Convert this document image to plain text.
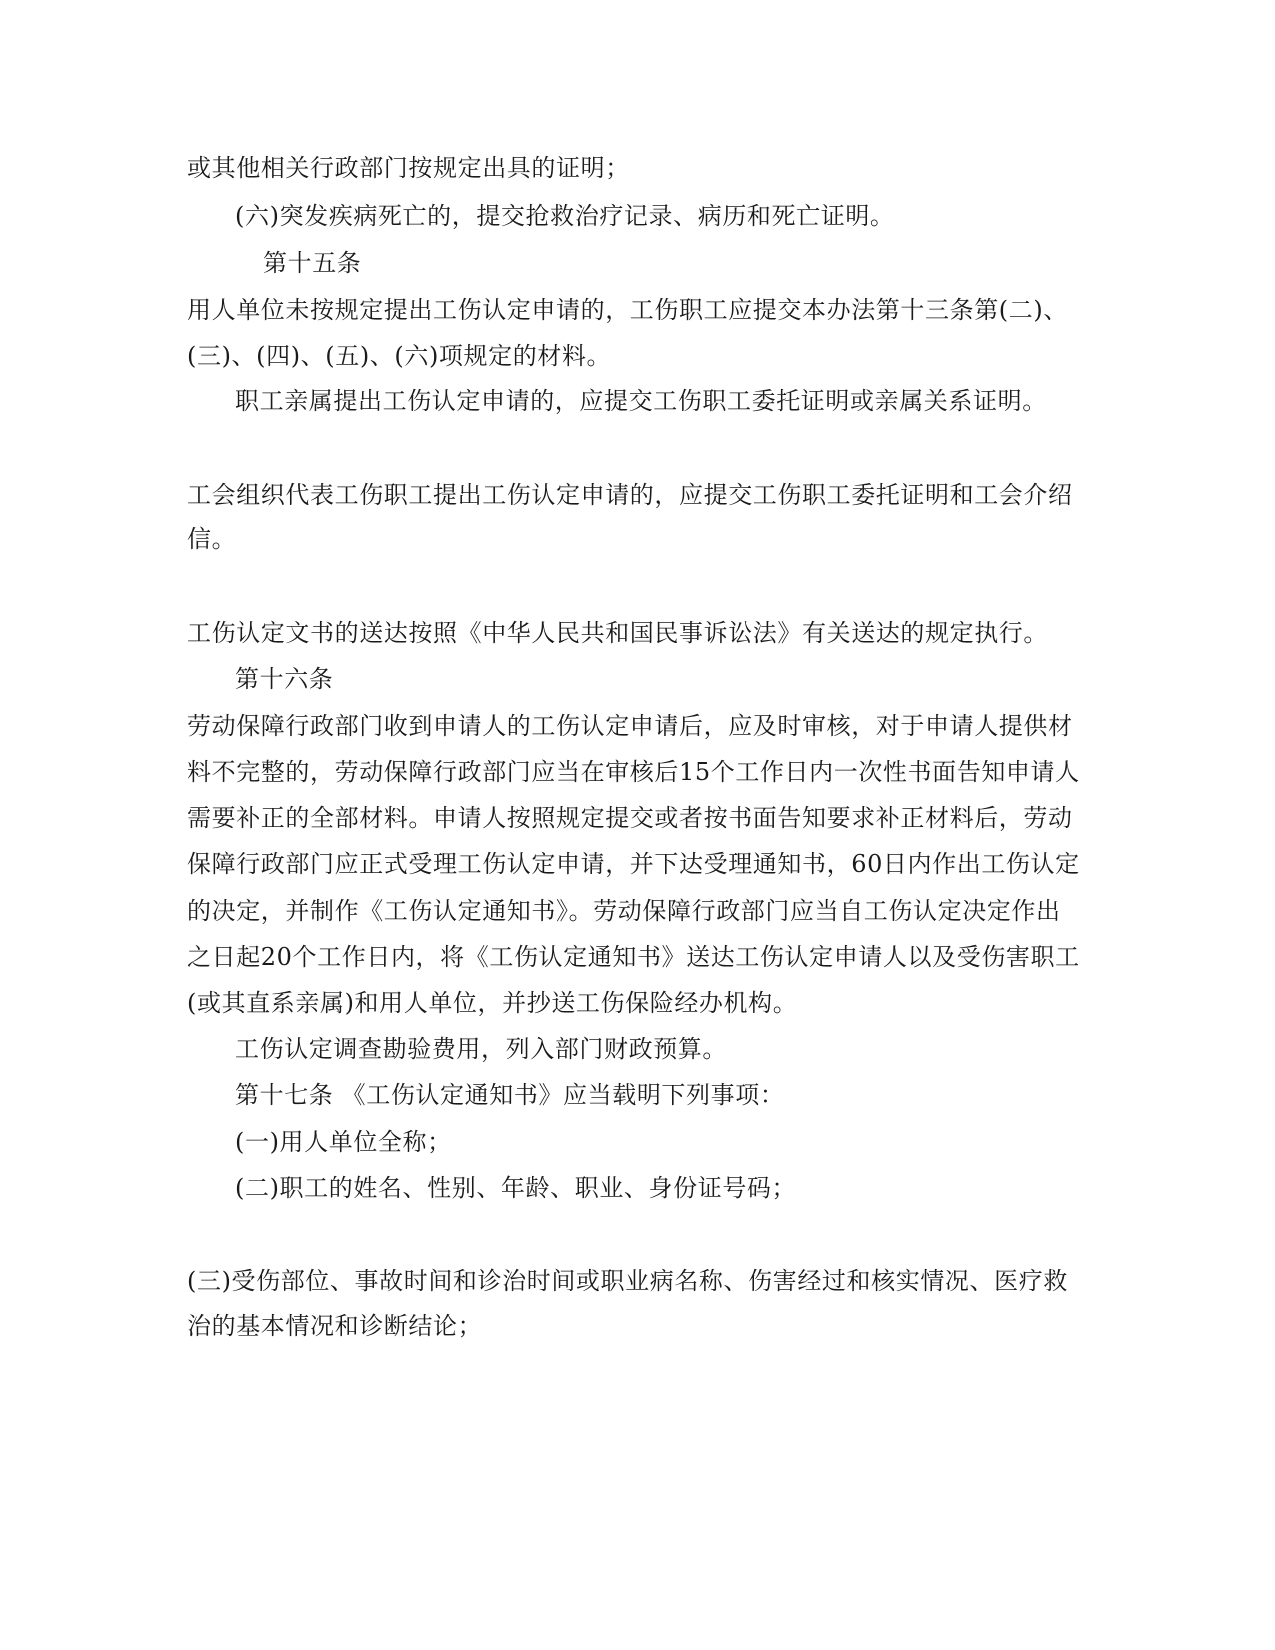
或其他相关行政部门按规定出具的证明；
(六)突发疾病死亡的，提交抢救治疗记录、病历和死亡证明。
第十五条
用人单位未按规定提出工伤认定申请的，工伤职工应提交本办法第十三条第(二)、
(三)、(四)、(五)、(六)项规定的材料。
职工亲属提出工伤认定申请的，应提交工伤职工委托证明或亲属关系证明。
工会组织代表工伤职工提出工伤认定申请的，应提交工伤职工委托证明和工会介绍
信。
工伤认定文书的送达按照《中华人民共和国民事诉讼法》有关送达的规定执行。
第十六条
劳动保障行政部门收到申请人的工伤认定申请后，应及时审核，对于申请人提供材
料不完整的，劳动保障行政部门应当在审核后15个工作日内一次性书面告知申请人
需要补正的全部材料。申请人按照规定提交或者按书面告知要求补正材料后，劳动
保障行政部门应正式受理工伤认定申请，并下达受理通知书，60日内作出工伤认定
的决定，并制作《工伤认定通知书》。劳动保障行政部门应当自工伤认定决定作出
之日起20个工作日内，将《工伤认定通知书》送达工伤认定申请人以及受伤害职工
(或其直系亲属)和用人单位，并抄送工伤保险经办机构。
工伤认定调查勘验费用，列入部门财政预算。
第十七条 《工伤认定通知书》应当载明下列事项：
(一)用人单位全称；
(二)职工的姓名、性别、年龄、职业、身份证号码；
(三)受伤部位、事故时间和诊治时间或职业病名称、伤害经过和核实情况、医疗救
治的基本情况和诊断结论；
